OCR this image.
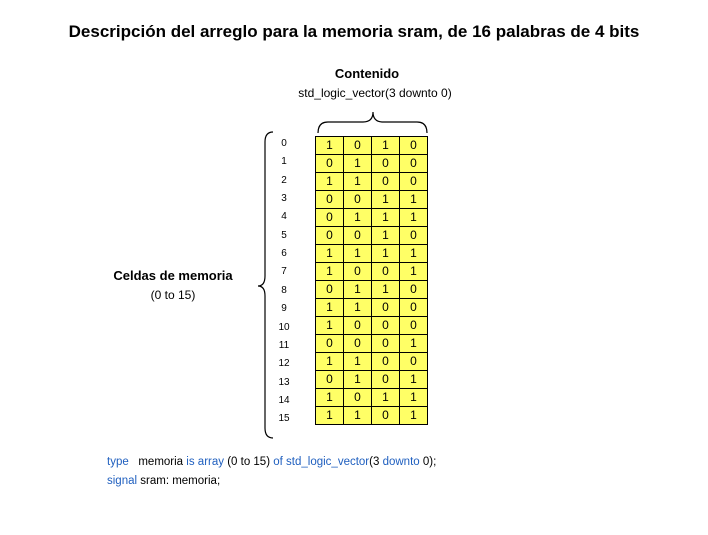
Descripción del arreglo para la memoria sram, de 16 palabras de 4 bits
Contenido
std_logic_vector(3 downto 0)
Celdas de memoria
(0 to 15)
0
1
2
3
4
5
6
7
8
9
10
11
12
13
14
15
1	0	1	0
0	1	0	0
1	1	0	0
0	0	1	1
0	1	1	1
0	0	1	0
1	1	1	1
1	0	0	1
0	1	1	0
1	1	0	0
1	0	0	0
0	0	0	1
1	1	0	0
0	1	0	1
1	0	1	1
1	1	0	1
type memoria is array (0 to 15) of std_logic_vector(3 downto 0);
signal sram: memoria;
